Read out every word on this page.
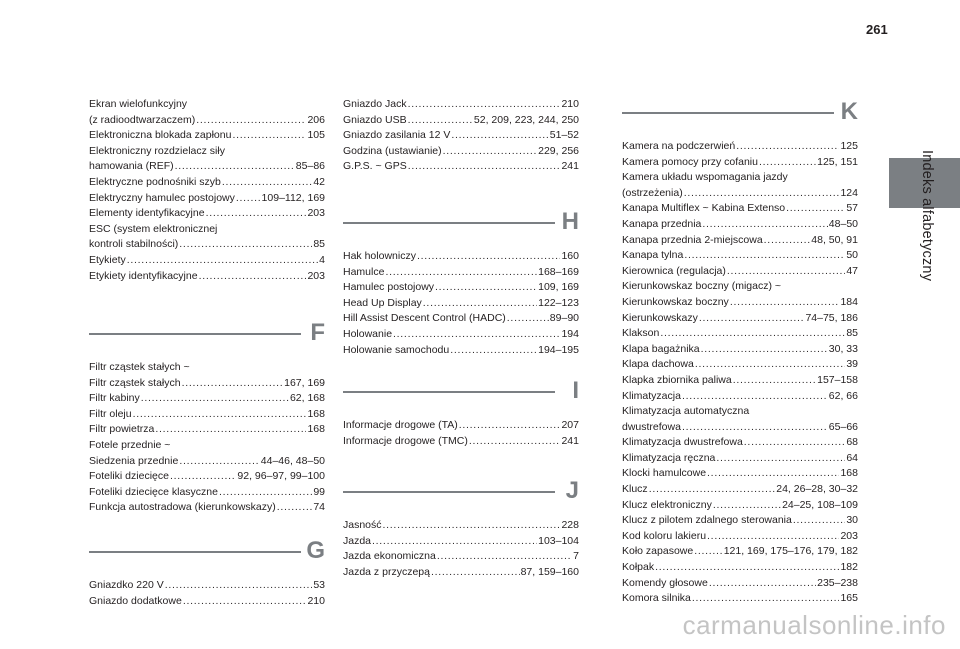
261
Indeks alfabetyczny
Ekran wielofunkcyjny
(z radioodtwarzaczem) . . .	206
Elektroniczna blokada zapłonu . . .	105
Elektroniczny rozdzielacz siły
hamowania (REF) . . .	85–86
Elektryczne podnośniki szyb . . .	42
Elektryczny hamulec postojowy . . .	109–112, 169
Elementy identyfikacyjne . . .	203
ESC (system elektronicznej
kontroli stabilności) . . .	85
Etykiety . . .	4
Etykiety identyfikacyjne . . .	203
F
Filtr cząstek stałych ~
Filtr cząstek stałych . . .	167, 169
Filtr kabiny . . .	62, 168
Filtr oleju . . .	168
Filtr powietrza . . .	168
Fotele przednie ~
Siedzenia przednie . . .	44–46, 48–50
Foteliki dziecięce . . .	92, 96–97, 99–100
Foteliki dziecięce klasyczne . . .	99
Funkcja autostradowa (kierunkowskazy) . . .	74
G
Gniazdko 220 V . . .	53
Gniazdo dodatkowe . . .	210
Gniazdo Jack . . .	210
Gniazdo USB . . .	52, 209, 223, 244, 250
Gniazdo zasilania 12 V . . .	51–52
Godzina (ustawianie) . . .	229, 256
G.P.S. ~ GPS . . .	241
H
Hak holowniczy . . .	160
Hamulce . . .	168–169
Hamulec postojowy . . .	109, 169
Head Up Display . . .	122–123
Hill Assist Descent Control (HADC) . . .	89–90
Holowanie . . .	194
Holowanie samochodu . . .	194–195
I
Informacje drogowe (TA) . . .	207
Informacje drogowe (TMC) . . .	241
J
Jasność . . .	228
Jazda . . .	103–104
Jazda ekonomiczna . . .	7
Jazda z przyczepą . . .	87, 159–160
K
Kamera na podczerwień . . .	125
Kamera pomocy przy cofaniu . . .	125, 151
Kamera układu wspomagania jazdy
(ostrzeżenia) . . .	124
Kanapa Multiflex ~ Kabina Extenso . . .	57
Kanapa przednia . . .	48–50
Kanapa przednia 2-miejscowa . . .	48, 50, 91
Kanapa tylna . . .	50
Kierownica (regulacja) . . .	47
Kierunkowskaz boczny (migacz) ~
Kierunkowskaz boczny . . .	184
Kierunkowskazy . . .	74–75, 186
Klakson . . .	85
Klapa bagażnika . . .	30, 33
Klapa dachowa . . .	39
Klapka zbiornika paliwa . . .	157–158
Klimatyzacja . . .	62, 66
Klimatyzacja automatyczna
dwustrefowa . . .	65–66
Klimatyzacja dwustrefowa . . .	68
Klimatyzacja ręczna . . .	64
Klocki hamulcowe . . .	168
Klucz . . .	24, 26–28, 30–32
Klucz elektroniczny . . .	24–25, 108–109
Klucz z pilotem zdalnego sterowania . . .	30
Kod koloru lakieru . . .	203
Koło zapasowe . . .	121, 169, 175–176, 179, 182
Kołpak . . .	182
Komendy głosowe . . .	235–238
Komora silnika . . .	165
carmanualsonline.info
